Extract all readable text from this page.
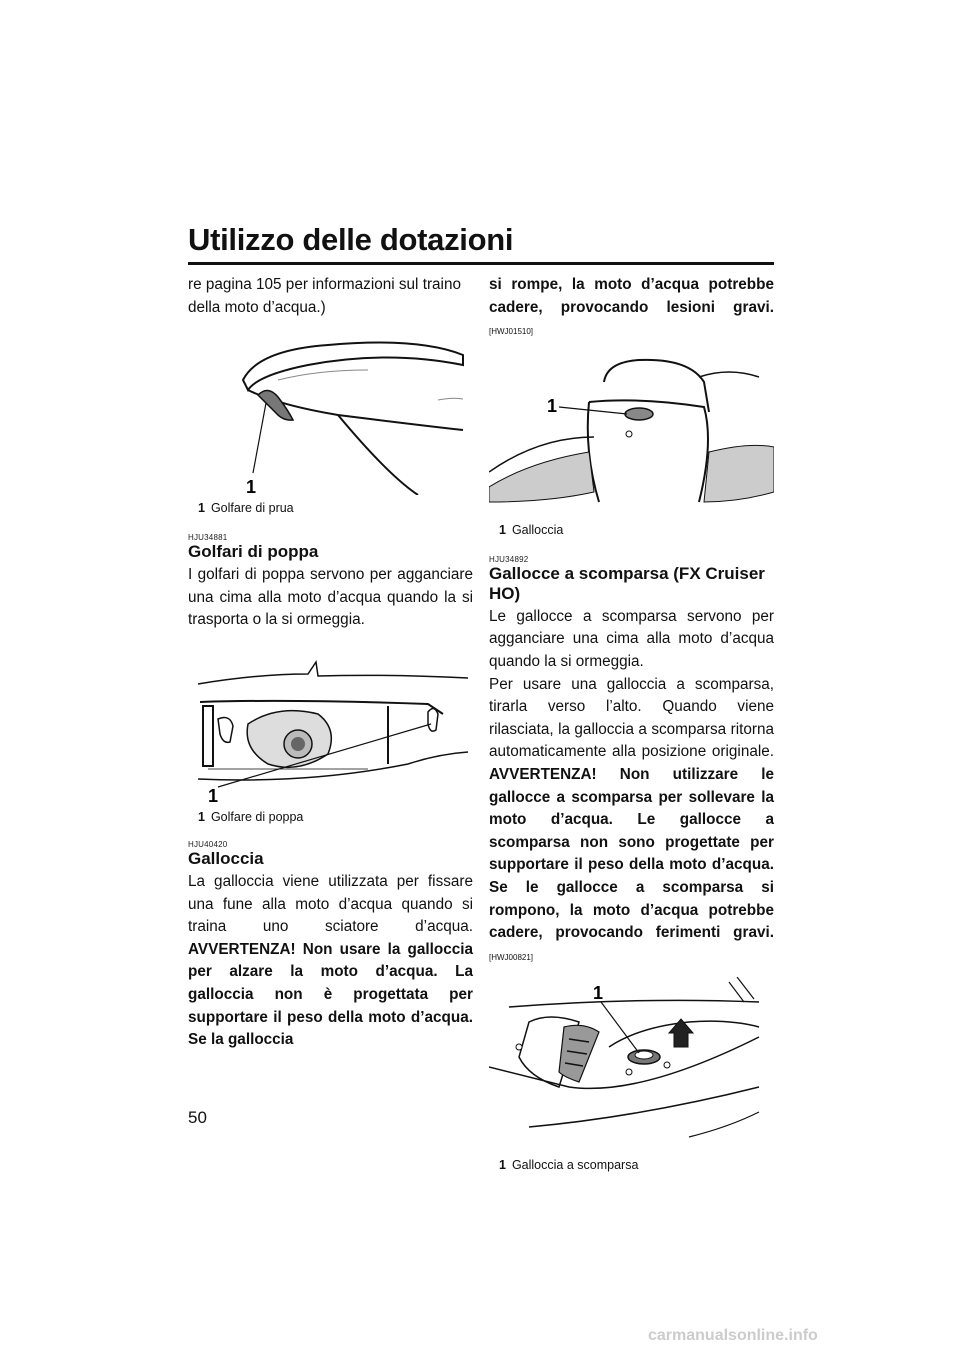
Utilizzo delle dotazioni

re pagina 105 per informazioni sul traino della moto d’acqua.)

1
1 Golfare di prua
HJU34881
Golfari di poppa

I golfari di poppa servono per agganciare una cima alla moto d’acqua quando la si trasporta o la si ormeggia.

1
1 Golfare di poppa
HJU40420
Galloccia

La galloccia viene utilizzata per fissare una fune alla moto d’acqua quando si traina uno sciatore d’acqua. AVVERTENZA! Non usare la galloccia per alzare la moto d’acqua. La galloccia non è progettata per supportare il peso della moto d’acqua. Se la galloccia

si rompe, la moto d’acqua potrebbe cadere, provocando lesioni gravi. [HWJ01510]

1
1 Galloccia
HJU34892
Gallocce a scomparsa (FX Cruiser HO)

Le gallocce a scomparsa servono per agganciare una cima alla moto d’acqua quando la si ormeggia.

Per usare una galloccia a scomparsa, tirarla verso l’alto. Quando viene rilasciata, la galloccia a scomparsa ritorna automaticamente alla posizione originale. AVVERTENZA! Non utilizzare le gallocce a scomparsa per sollevare la moto d’acqua. Le gallocce a scomparsa non sono progettate per supportare il peso della moto d’acqua. Se le gallocce a scomparsa si rompono, la moto d’acqua potrebbe cadere, provocando ferimenti gravi. [HWJ00821]

1
1 Galloccia a scomparsa
50
carmanualsonline.info
